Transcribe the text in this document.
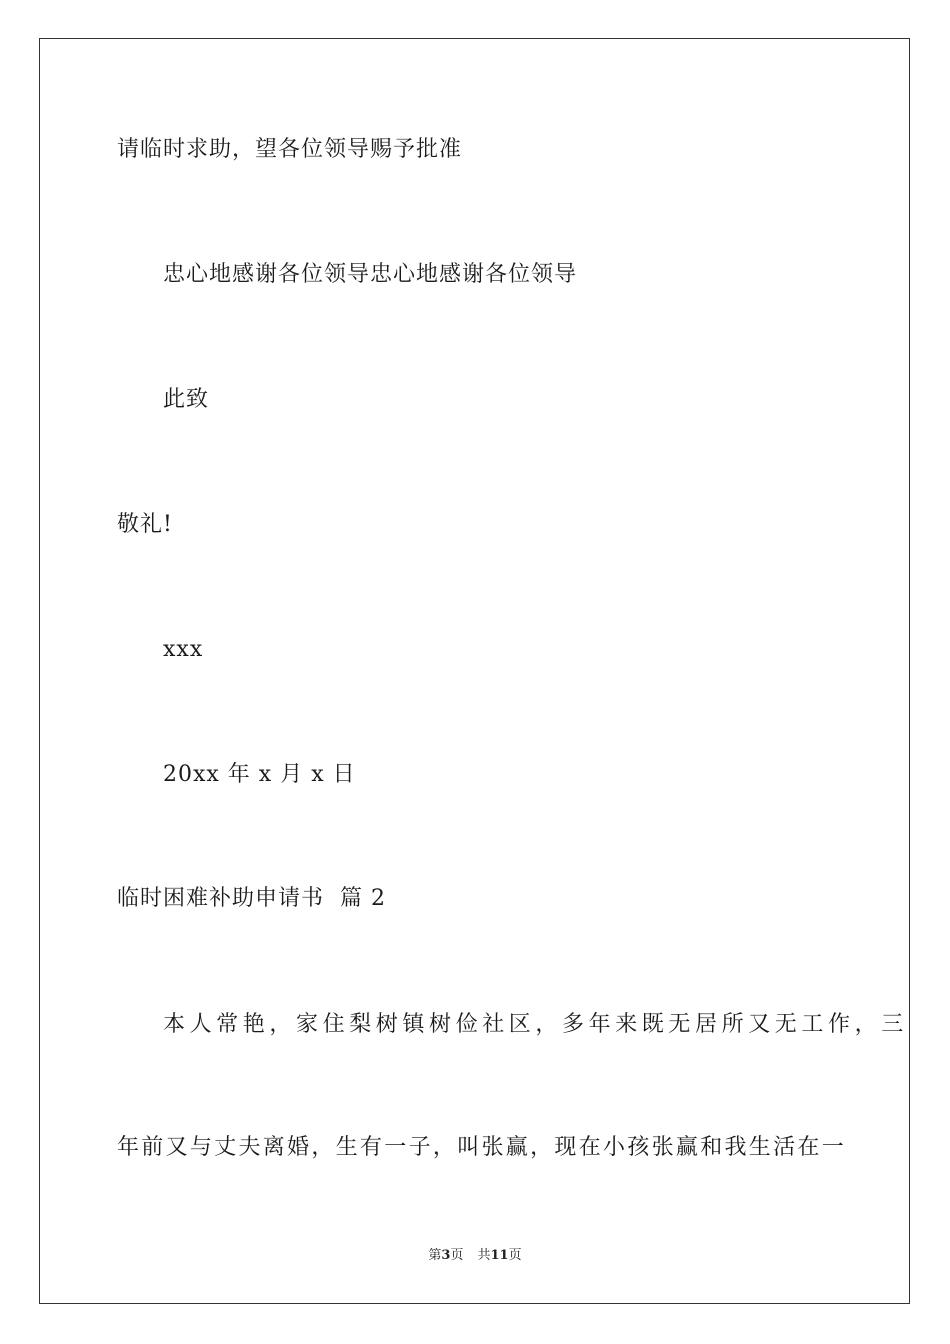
请临时求助，望各位领导赐予批准
忠心地感谢各位领导忠心地感谢各位领导
此致
敬礼!
xxx
20xx 年 x 月 x 日
临时困难补助申请书  篇 2
本人常艳，家住梨树镇树俭社区，多年来既无居所又无工作，三
年前又与丈夫离婚，生有一子，叫张赢，现在小孩张赢和我生活在一
第3页 共11页
